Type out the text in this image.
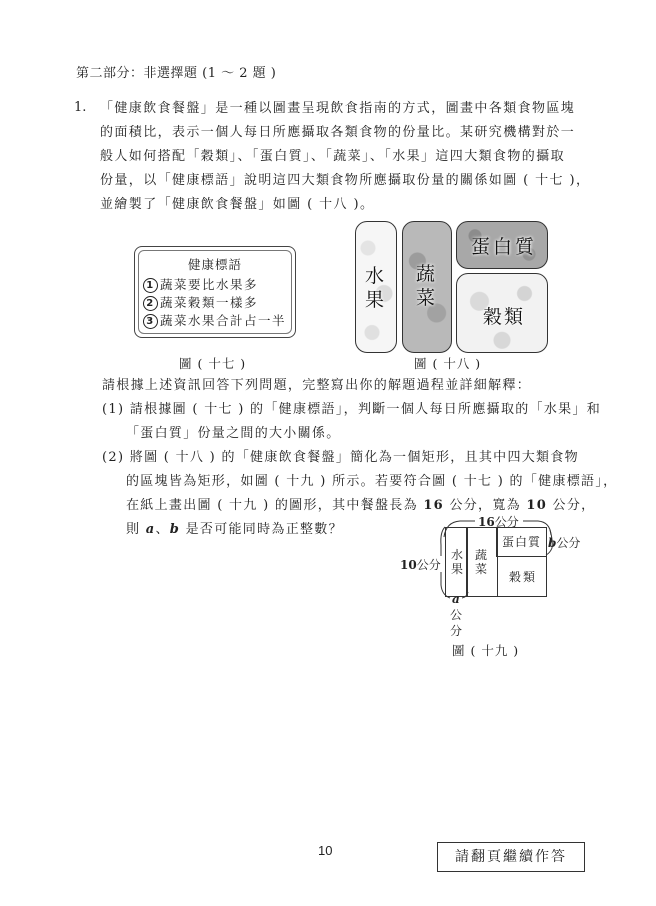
第二部分：非選擇題 (1 ～ 2 題 )
1. 「健康飲食餐盤」是一種以圖畫呈現飲食指南的方式，圖畫中各類食物區塊
的面積比，表示一個人每日所應攝取各類食物的份量比。某研究機構對於一
般人如何搭配「穀類」、「蛋白質」、「蔬菜」、「水果」這四大類食物的攝取
份量，以「健康標語」說明這四大類食物所應攝取份量的關係如圖 ( 十七 )，
並繪製了「健康飲食餐盤」如圖 ( 十八 )。
健康標語
1 蔬菜要比水果多
2 蔬菜穀類一樣多
3 蔬菜水果合計占一半
圖 ( 十七 )
水果
蔬菜
蛋白質
穀類
圖 ( 十八 )
請根據上述資訊回答下列問題，完整寫出你的解題過程並詳細解釋：
(1) 請根據圖 ( 十七 ) 的「健康標語」，判斷一個人每日所應攝取的「水果」和
「蛋白質」份量之間的大小關係。
(2) 將圖 ( 十八 ) 的「健康飲食餐盤」簡化為一個矩形，且其中四大類食物
的區塊皆為矩形，如圖 ( 十九 ) 所示。若要符合圖 ( 十七 ) 的「健康標語」，
在紙上畫出圖 ( 十九 ) 的圖形，其中餐盤長為 16 公分，寬為 10 公分，
則 a、b 是否可能同時為正整數？
水果
蔬菜
蛋白質
穀類
16公分
10公分
b公分
a
公
分
圖 ( 十九 )
10	請翻頁繼續作答
